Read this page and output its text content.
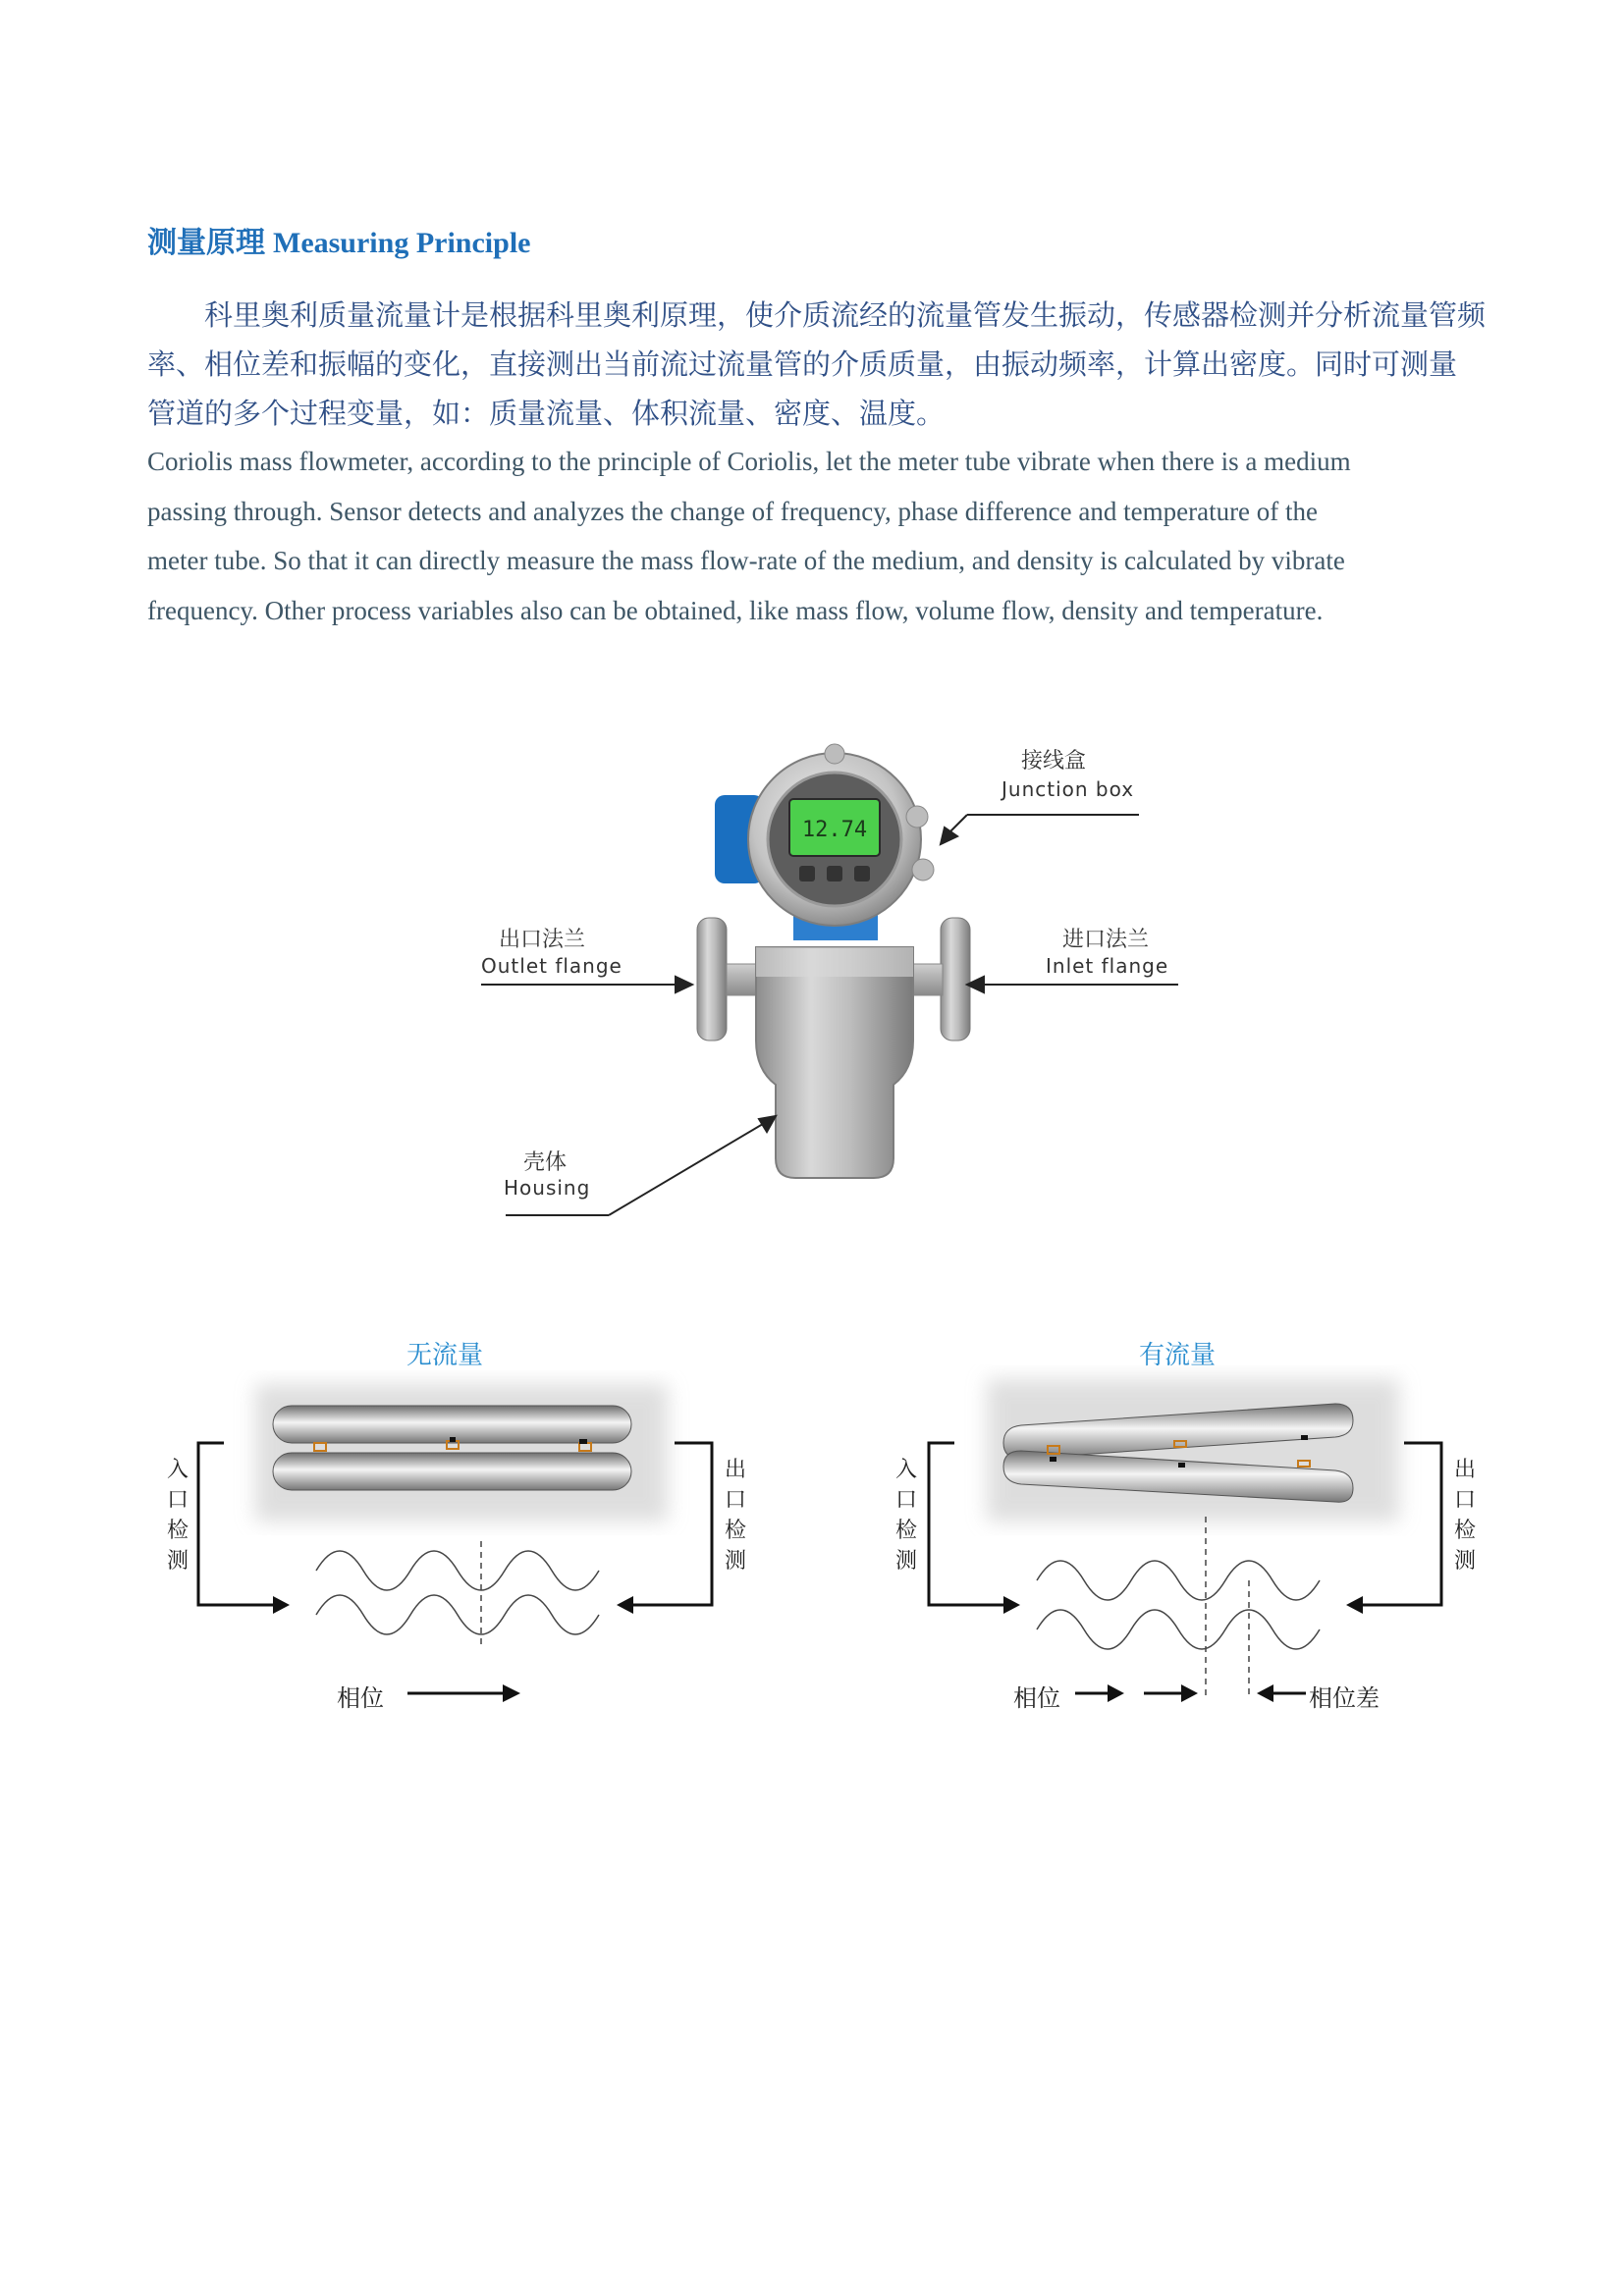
测量原理 Measuring Principle
科里奥利质量流量计是根据科里奥利原理，使介质流经的流量管发生振动，传感器检测并分析流量管频
率、相位差和振幅的变化，直接测出当前流过流量管的介质质量，由振动频率，计算出密度。同时可测量
管道的多个过程变量，如：质量流量、体积流量、密度、温度。
Coriolis mass flowmeter, according to the principle of Coriolis, let the meter tube vibrate when there is a medium
passing through. Sensor detects and analyzes the change of frequency, phase difference and temperature of the
meter tube. So that it can directly measure the mass flow-rate of the medium, and density is calculated by vibrate
frequency. Other process variables also can be obtained, like mass flow, volume flow, density and temperature.
12.74
接线盒
Junction box
出口法兰
Outlet flange
进口法兰
Inlet flange
壳体
Housing
无流量
入
口
检
测
出
口
检
测
相位
有流量
入
口
检
测
出
口
检
测
相位	相位差
